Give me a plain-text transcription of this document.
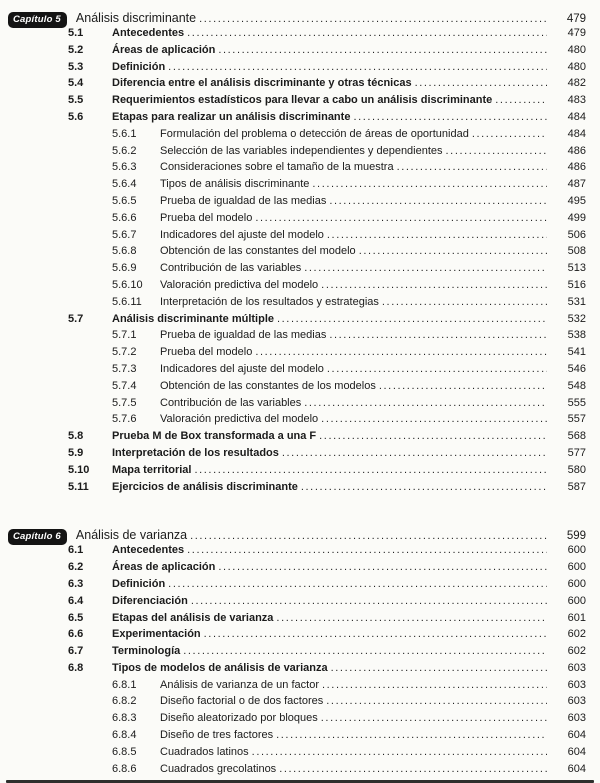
Capítulo 5	Análisis discriminante .....	479
5.1	Antecedentes .....	479
5.2	Áreas de aplicación .....	480
5.3	Definición .....	480
5.4	Diferencia entre el análisis discriminante y otras técnicas .....	482
5.5	Requerimientos estadísticos para llevar a cabo un análisis discriminante .....	483
5.6	Etapas para realizar un análisis discriminante .....	484
5.6.1	Formulación del problema o detección de áreas de oportunidad .....	484
5.6.2	Selección de las variables independientes y dependientes .....	486
5.6.3	Consideraciones sobre el tamaño de la muestra .....	486
5.6.4	Tipos de análisis discriminante .....	487
5.6.5	Prueba de igualdad de las medias .....	495
5.6.6	Prueba del modelo .....	499
5.6.7	Indicadores del ajuste del modelo .....	506
5.6.8	Obtención de las constantes del modelo .....	508
5.6.9	Contribución de las variables .....	513
5.6.10	Valoración predictiva del modelo .....	516
5.6.11	Interpretación de los resultados y estrategias .....	531
5.7	Análisis discriminante múltiple .....	532
5.7.1	Prueba de igualdad de las medias .....	538
5.7.2	Prueba del modelo .....	541
5.7.3	Indicadores del ajuste del modelo .....	546
5.7.4	Obtención de las constantes de los modelos .....	548
5.7.5	Contribución de las variables .....	555
5.7.6	Valoración predictiva del modelo .....	557
5.8	Prueba M de Box transformada a una F .....	568
5.9	Interpretación de los resultados .....	577
5.10	Mapa territorial .....	580
5.11	Ejercicios de análisis discriminante .....	587
Capítulo 6	Análisis de varianza .....	599
6.1	Antecedentes .....	600
6.2	Áreas de aplicación .....	600
6.3	Definición .....	600
6.4	Diferenciación .....	600
6.5	Etapas del análisis de varianza .....	601
6.6	Experimentación .....	602
6.7	Terminología .....	602
6.8	Tipos de modelos de análisis de varianza .....	603
6.8.1	Análisis de varianza de un factor .....	603
6.8.2	Diseño factorial o de dos factores .....	603
6.8.3	Diseño aleatorizado por bloques .....	603
6.8.4	Diseño de tres factores .....	604
6.8.5	Cuadrados latinos .....	604
6.8.6	Cuadrados grecolatinos .....	604
